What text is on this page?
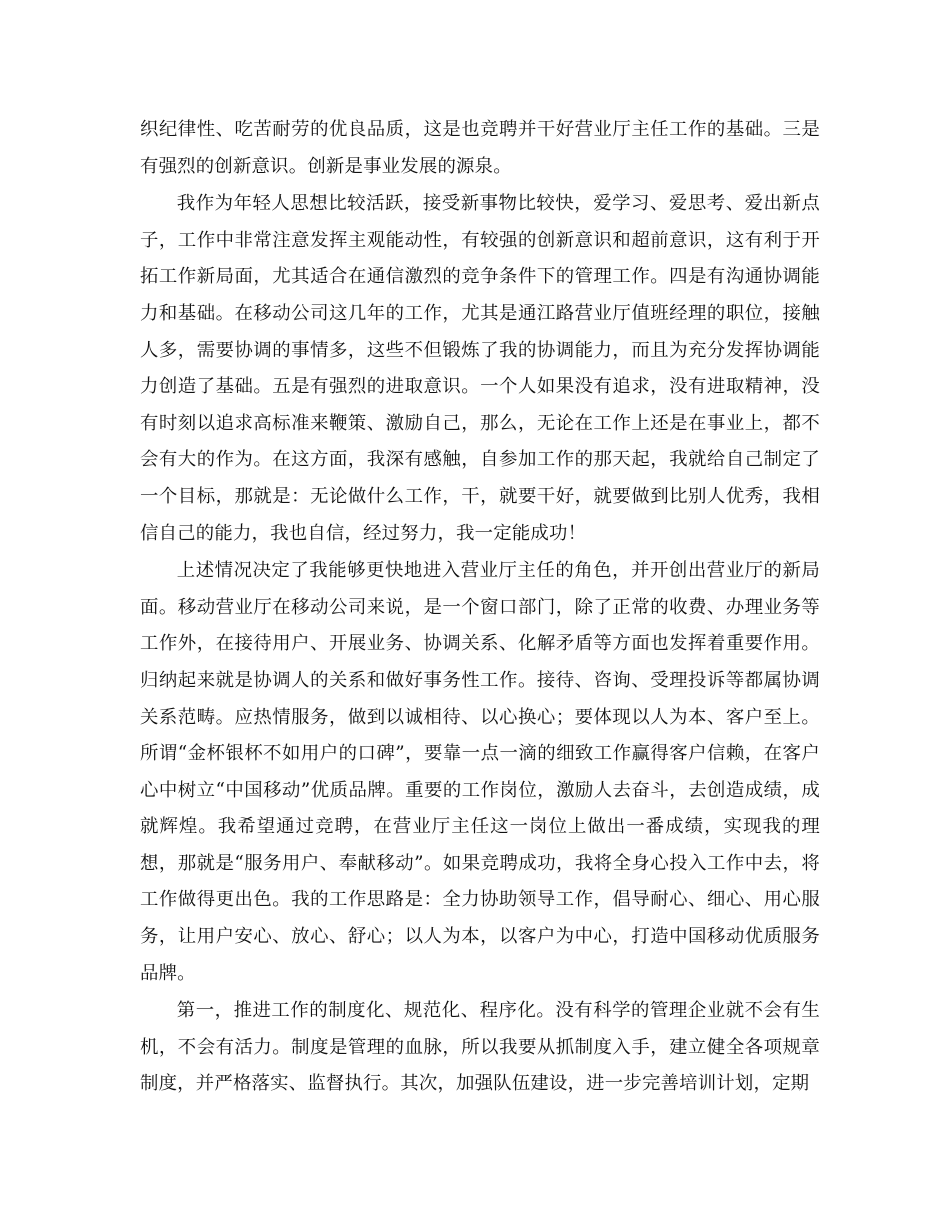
织纪律性、吃苦耐劳的优良品质，这是也竞聘并干好营业厅主任工作的基础。三是有强烈的创新意识。创新是事业发展的源泉。

我作为年轻人思想比较活跃，接受新事物比较快，爱学习、爱思考、爱出新点子，工作中非常注意发挥主观能动性，有较强的创新意识和超前意识，这有利于开拓工作新局面，尤其适合在通信激烈的竞争条件下的管理工作。四是有沟通协调能力和基础。在移动公司这几年的工作，尤其是通江路营业厅值班经理的职位，接触人多，需要协调的事情多，这些不但锻炼了我的协调能力，而且为充分发挥协调能力创造了基础。五是有强烈的进取意识。一个人如果没有追求，没有进取精神，没有时刻以追求高标准来鞭策、激励自己，那么，无论在工作上还是在事业上，都不会有大的作为。在这方面，我深有感触，自参加工作的那天起，我就给自己制定了一个目标，那就是：无论做什么工作，干，就要干好，就要做到比别人优秀，我相信自己的能力，我也自信，经过努力，我一定能成功！

上述情况决定了我能够更快地进入营业厅主任的角色，并开创出营业厅的新局面。移动营业厅在移动公司来说，是一个窗口部门，除了正常的收费、办理业务等工作外，在接待用户、开展业务、协调关系、化解矛盾等方面也发挥着重要作用。归纳起来就是协调人的关系和做好事务性工作。接待、咨询、受理投诉等都属协调关系范畴。应热情服务，做到以诚相待、以心换心；要体现以人为本、客户至上。所谓“金杯银杯不如用户的口碑”，要靠一点一滴的细致工作赢得客户信赖，在客户心中树立“中国移动”优质品牌。重要的工作岗位，激励人去奋斗，去创造成绩，成就辉煌。我希望通过竞聘，在营业厅主任这一岗位上做出一番成绩，实现我的理想，那就是“服务用户、奉献移动”。如果竞聘成功，我将全身心投入工作中去，将工作做得更出色。我的工作思路是：全力协助领导工作，倡导耐心、细心、用心服务，让用户安心、放心、舒心；以人为本，以客户为中心，打造中国移动优质服务品牌。

第一，推进工作的制度化、规范化、程序化。没有科学的管理企业就不会有生机，不会有活力。制度是管理的血脉，所以我要从抓制度入手，建立健全各项规章制度，并严格落实、监督执行。其次，加强队伍建设，进一步完善培训计划，定期
